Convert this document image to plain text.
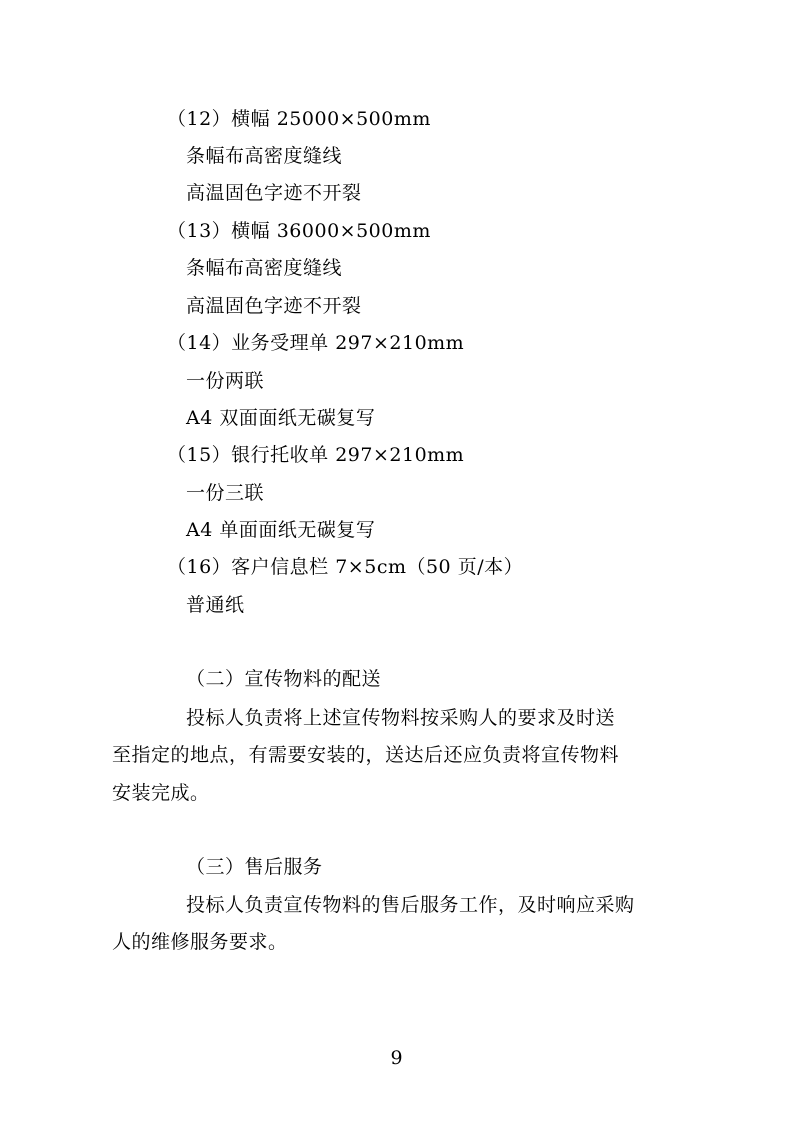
（12）横幅 25000×500mm
条幅布高密度缝线
高温固色字迹不开裂
（13）横幅 36000×500mm
条幅布高密度缝线
高温固色字迹不开裂
（14）业务受理单 297×210mm
一份两联
A4 双面面纸无碳复写
（15）银行托收单 297×210mm
一份三联
A4 单面面纸无碳复写
（16）客户信息栏 7×5cm（50 页/本）
普通纸
（二）宣传物料的配送
投标人负责将上述宣传物料按采购人的要求及时送
至指定的地点，有需要安装的，送达后还应负责将宣传物料
安装完成。
（三）售后服务
投标人负责宣传物料的售后服务工作，及时响应采购
人的维修服务要求。
9
